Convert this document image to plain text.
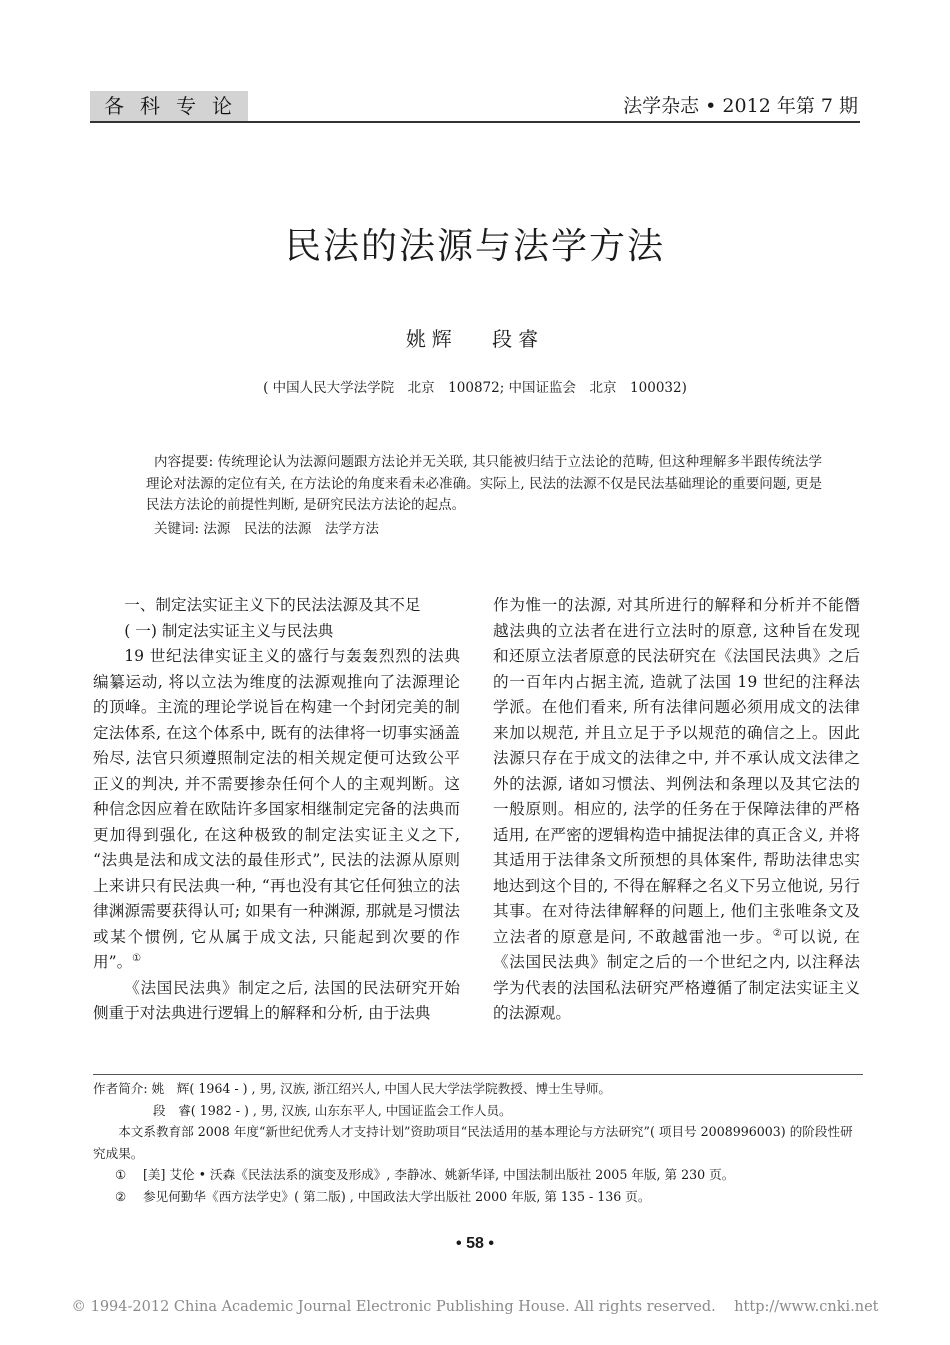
各科专论	法学杂志 • 2012 年第 7 期
民法的法源与法学方法
姚辉 段睿
( 中国人民大学法学院　北京　100872; 中国证监会　北京　100032)
内容提要: 传统理论认为法源问题跟方法论并无关联, 其只能被归结于立法论的范畴, 但这种理解多半跟传统法学理论对法源的定位有关, 在方法论的角度来看未必准确。实际上, 民法的法源不仅是民法基础理论的重要问题, 更是民法方法论的前提性判断, 是研究民法方法论的起点。
关键词: 法源　民法的法源　法学方法

一、制定法实证主义下的民法法源及其不足

( 一) 制定法实证主义与民法典

19 世纪法律实证主义的盛行与轰轰烈烈的法典编纂运动, 将以立法为维度的法源观推向了法源理论的顶峰。主流的理论学说旨在构建一个封闭完美的制定法体系, 在这个体系中, 既有的法律将一切事实涵盖殆尽, 法官只须遵照制定法的相关规定便可达致公平正义的判决, 并不需要掺杂任何个人的主观判断。这种信念因应着在欧陆许多国家相继制定完备的法典而更加得到强化, 在这种极致的制定法实证主义之下, “法典是法和成文法的最佳形式”, 民法的法源从原则上来讲只有民法典一种, “再也没有其它任何独立的法律渊源需要获得认可; 如果有一种渊源, 那就是习惯法或某个惯例, 它从属于成文法, 只能起到次要的作用”。①

《法国民法典》制定之后, 法国的民法研究开始侧重于对法典进行逻辑上的解释和分析, 由于法典

作为惟一的法源, 对其所进行的解释和分析并不能僭越法典的立法者在进行立法时的原意, 这种旨在发现和还原立法者原意的民法研究在《法国民法典》之后的一百年内占据主流, 造就了法国 19 世纪的注释法学派。在他们看来, 所有法律问题必须用成文的法律来加以规范, 并且立足于予以规范的确信之上。因此法源只存在于成文的法律之中, 并不承认成文法律之外的法源, 诸如习惯法、判例法和条理以及其它法的一般原则。相应的, 法学的任务在于保障法律的严格适用, 在严密的逻辑构造中捕捉法律的真正含义, 并将其适用于法律条文所预想的具体案件, 帮助法律忠实地达到这个目的, 不得在解释之名义下另立他说, 另行其事。在对待法律解释的问题上, 他们主张唯条文及立法者的原意是问, 不敢越雷池一步。②可以说, 在《法国民法典》制定之后的一个世纪之内, 以注释法学为代表的法国私法研究严格遵循了制定法实证主义的法源观。

作者简介: 姚　辉( 1964 - ) , 男, 汉族, 浙江绍兴人, 中国人民大学法学院教授、博士生导师。

段　睿( 1982 - ) , 男, 汉族, 山东东平人, 中国证监会工作人员。

本文系教育部 2008 年度“新世纪优秀人才支持计划”资助项目“民法适用的基本理论与方法研究”( 项目号 2008996003) 的阶段性研究成果。

① [美] 艾伦 • 沃森《民法法系的演变及形成》, 李静冰、姚新华译, 中国法制出版社 2005 年版, 第 230 页。

② 参见何勤华《西方法学史》( 第二版) , 中国政法大学出版社 2000 年版, 第 135 - 136 页。

• 58 •
© 1994-2012 China Academic Journal Electronic Publishing House. All rights reserved.    http://www.cnki.net
